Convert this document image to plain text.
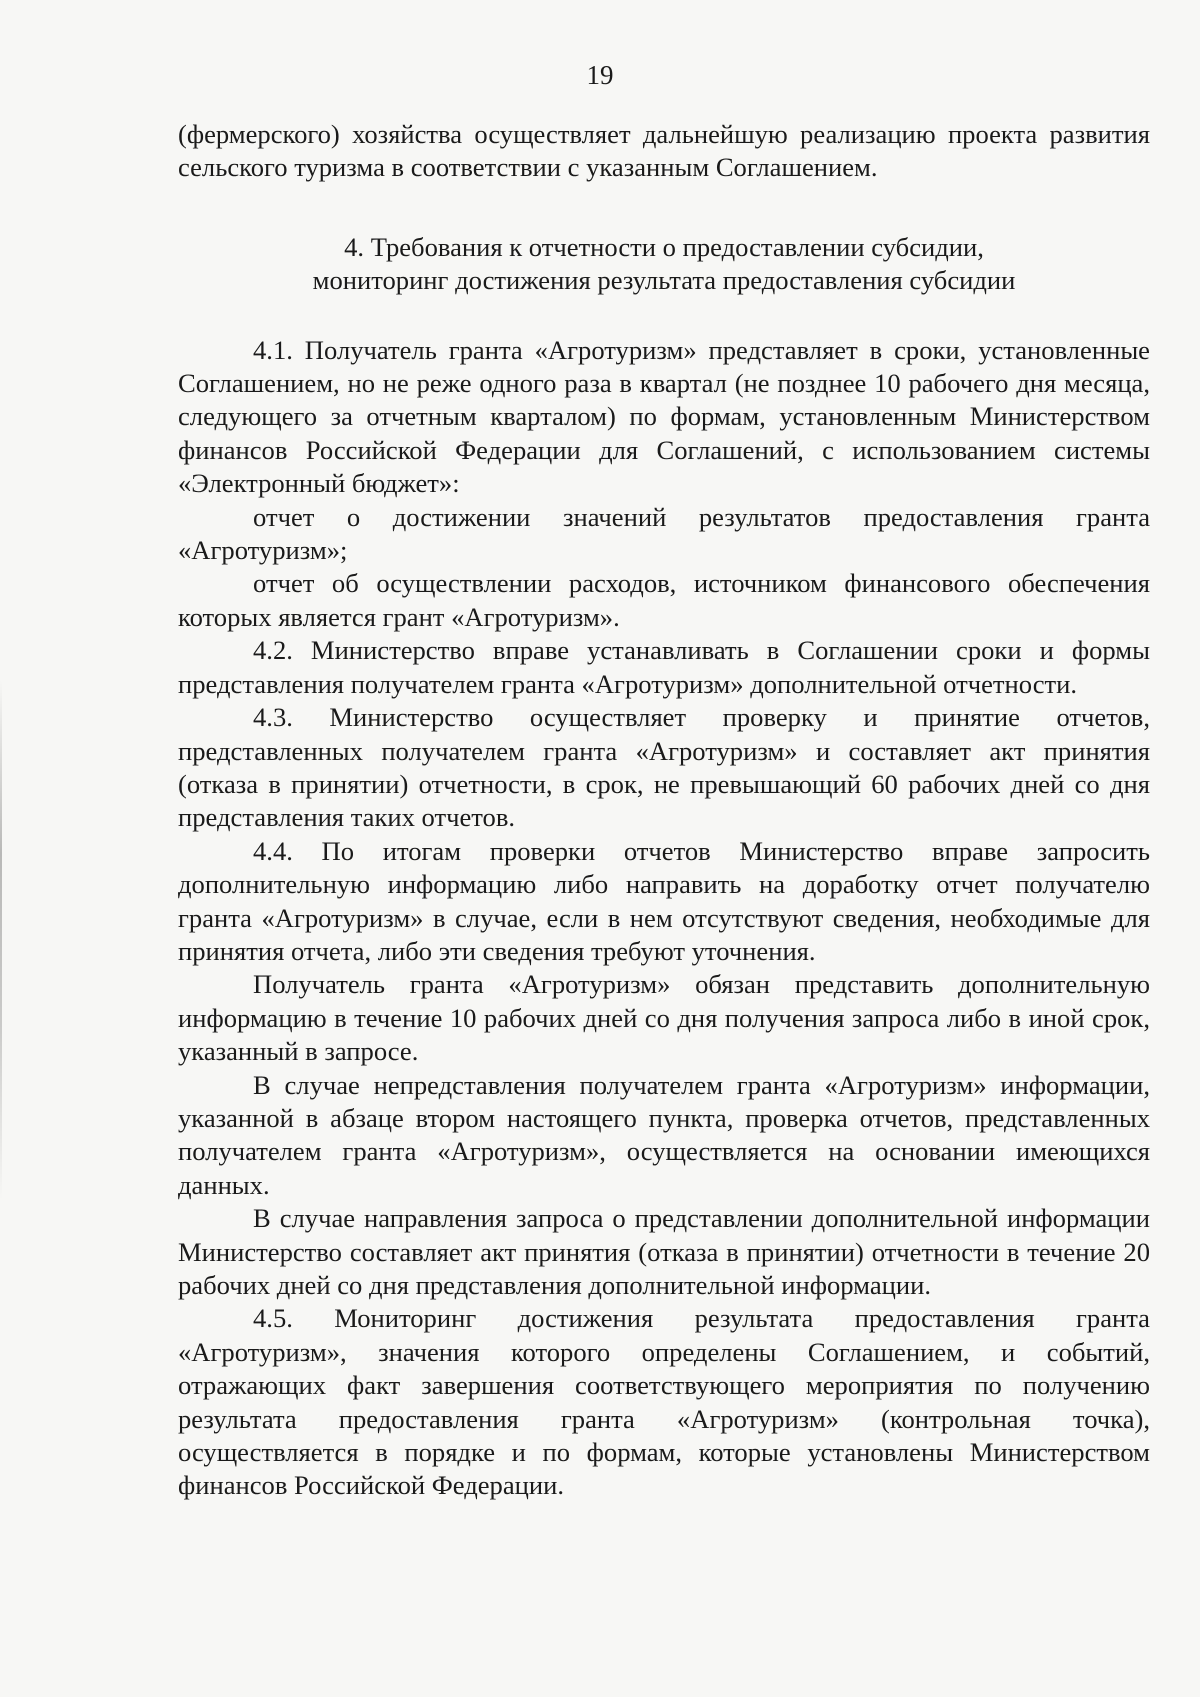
19

(фермерского) хозяйства осуществляет дальнейшую реализацию проекта развития сельского туризма в соответствии с указанным Соглашением.

4. Требования к отчетности о предоставлении субсидии,
мониторинг достижения результата предоставления субсидии

4.1. Получатель гранта «Агротуризм» представляет в сроки, установленные Соглашением, но не реже одного раза в квартал (не позднее 10 рабочего дня месяца, следующего за отчетным кварталом) по формам, установленным Министерством финансов Российской Федерации для Соглашений, с использованием системы «Электронный бюджет»:

отчет о достижении значений результатов предоставления гранта «Агротуризм»;

отчет об осуществлении расходов, источником финансового обеспечения которых является грант «Агротуризм».

4.2. Министерство вправе устанавливать в Соглашении сроки и формы представления получателем гранта «Агротуризм» дополнительной отчетности.

4.3. Министерство осуществляет проверку и принятие отчетов, представленных получателем гранта «Агротуризм» и составляет акт принятия (отказа в принятии) отчетности, в срок, не превышающий 60 рабочих дней со дня представления таких отчетов.

4.4. По итогам проверки отчетов Министерство вправе запросить дополнительную информацию либо направить на доработку отчет получателю гранта «Агротуризм» в случае, если в нем отсутствуют сведения, необходимые для принятия отчета, либо эти сведения требуют уточнения.

Получатель гранта «Агротуризм» обязан представить дополнительную информацию в течение 10 рабочих дней со дня получения запроса либо в иной срок, указанный в запросе.

В случае непредставления получателем гранта «Агротуризм» информации, указанной в абзаце втором настоящего пункта, проверка отчетов, представленных получателем гранта «Агротуризм», осуществляется на основании имеющихся данных.

В случае направления запроса о представлении дополнительной информации Министерство составляет акт принятия (отказа в принятии) отчетности в течение 20 рабочих дней со дня представления дополнительной информации.

4.5. Мониторинг достижения результата предоставления гранта «Агротуризм», значения которого определены Соглашением, и событий, отражающих факт завершения соответствующего мероприятия по получению результата предоставления гранта «Агротуризм» (контрольная точка), осуществляется в порядке и по формам, которые установлены Министерством финансов Российской Федерации.
